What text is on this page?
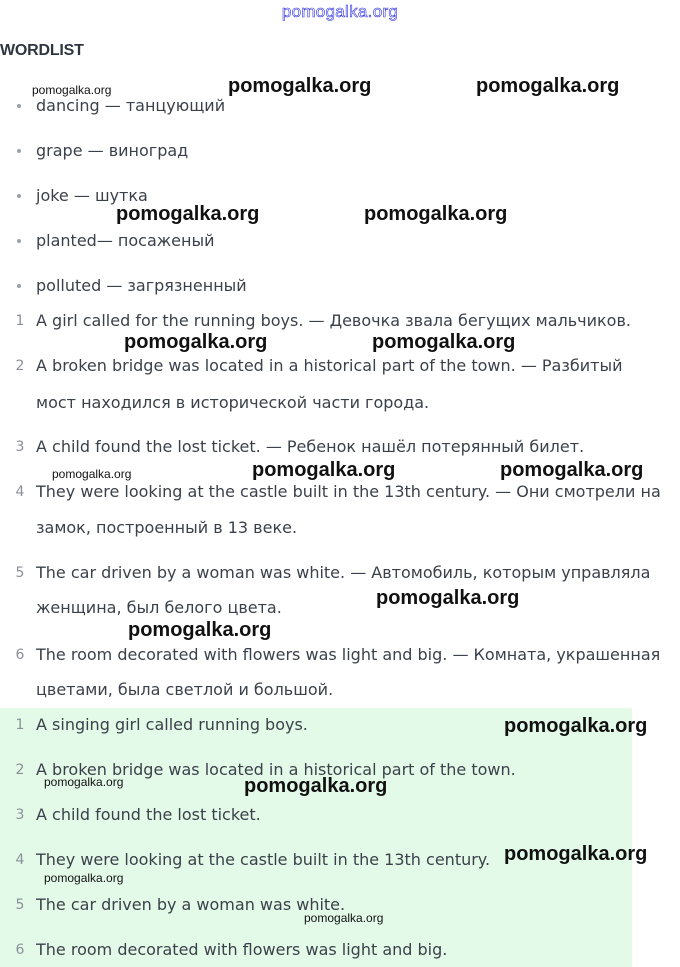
pomogalka.org
WORDLIST
dancing — танцующий
grape — виноград
joke — шутка
planted— посаженый
polluted — загрязненный
1 A girl called for the running boys. — Девочка звала бегущих мальчиков.
2 A broken bridge was located in a historical part of the town. — Разбитый
мост находился в исторической части города.
3 A child found the lost ticket. — Ребенок нашёл потерянный билет.
4 They were looking at the castle built in the 13th century. — Они смотрели на
замок, построенный в 13 веке.
5 The car driven by a woman was white. — Автомобиль, которым управляла
женщина, был белого цвета.
6 The room decorated with flowers was light and big. — Комната, украшенная
цветами, была светлой и большой.
1 A singing girl called running boys.
2 A broken bridge was located in a historical part of the town.
3 A child found the lost ticket.
4 They were looking at the castle built in the 13th century.
5 The car driven by a woman was white.
6 The room decorated with flowers was light and big.
pomogalka.org	pomogalka.org	pomogalka.org
pomogalka.org	pomogalka.org
pomogalka.org	pomogalka.org
pomogalka.org	pomogalka.org	pomogalka.org
pomogalka.org
pomogalka.org
pomogalka.org
pomogalka.org	pomogalka.org
pomogalka.org
pomogalka.org
pomogalka.org
